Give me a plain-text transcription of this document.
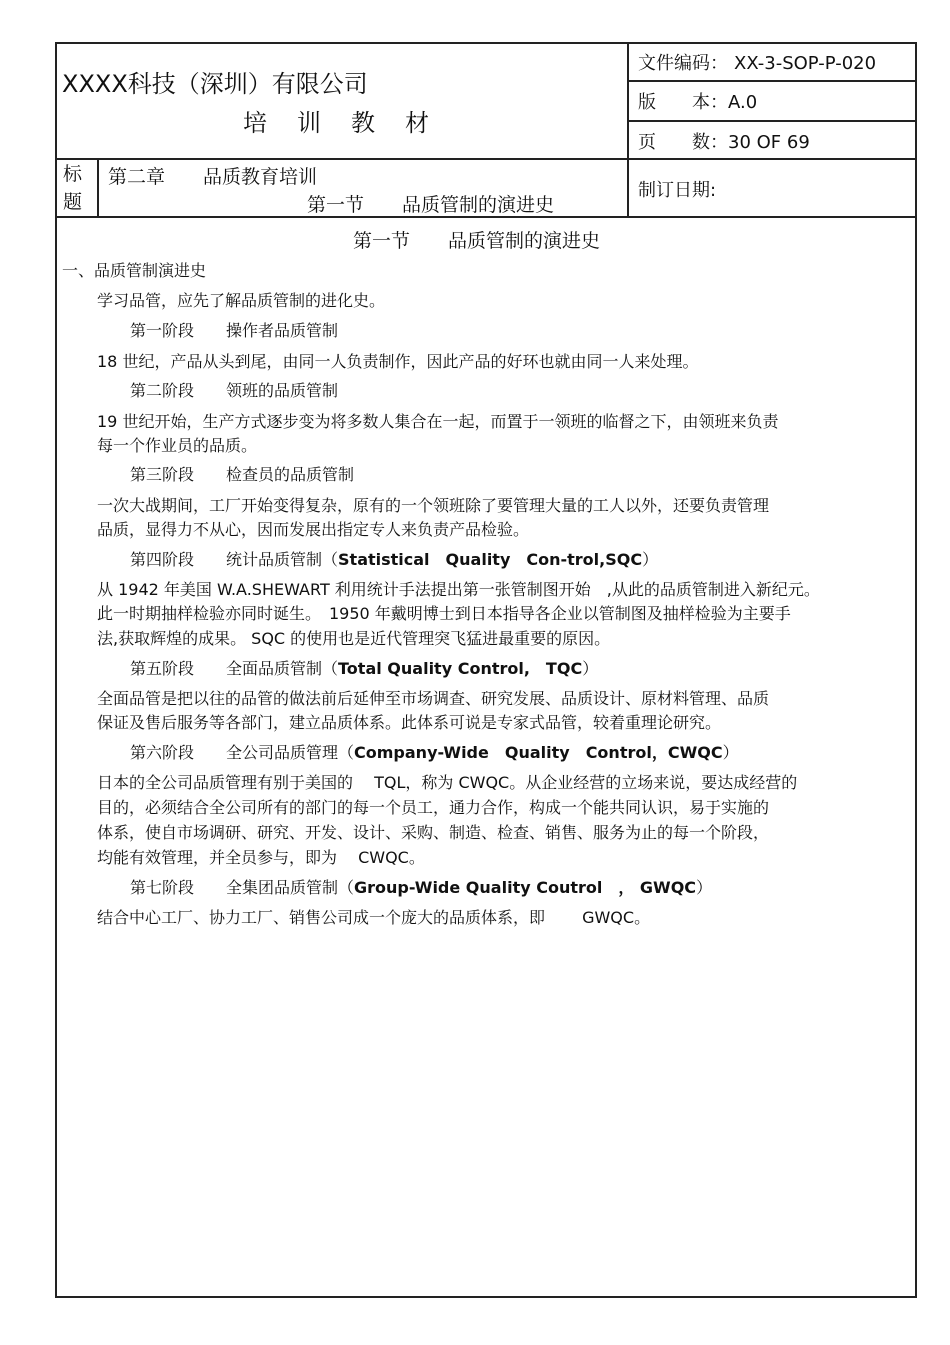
XXXX科技（深圳）有限公司
培训教材
文件编码： XX-3-SOP-P-020
版　　本：A.0
页　　数：30 OF 69
标题
第二章　　品质教育培训
第一节　　品质管制的演进史
制订日期:
第一节　　品质管制的演进史
一、品质管制演进史
学习品管，应先了解品质管制的进化史。
第一阶段　　操作者品质管制
18 世纪，产品从头到尾，由同一人负责制作，因此产品的好环也就由同一人来处理。
第二阶段　　领班的品质管制
19 世纪开始，生产方式逐步变为将多数人集合在一起，而置于一领班的临督之下，由领班来负责
每一个作业员的品质。
第三阶段　　检查员的品质管制
一次大战期间，工厂开始变得复杂，原有的一个领班除了要管理大量的工人以外，还要负责管理
品质，显得力不从心，因而发展出指定专人来负责产品检验。
第四阶段　　统计品质管制（Statistical　Quality　Con-trol,SQC）
从 1942 年美国 W.A.SHEWART 利用统计手法提出第一张管制图开始　,从此的品质管制进入新纪元。
此一时期抽样检验亦同时诞生。　1950 年戴明博士到日本指导各企业以管制图及抽样检验为主要手
法,获取辉煌的成果。 SQC 的使用也是近代管理突飞猛进最重要的原因。
第五阶段　　全面品质管制（Total Quality Control,　TQC）
全面品管是把以往的品管的做法前后延伸至市场调查、研究发展、品质设计、原材料管理、品质
保证及售后服务等各部门，建立品质体系。此体系可说是专家式品管，较着重理论研究。
第六阶段　　全公司品质管理（Company-Wide　Quality　Control，CWQC）
日本的全公司品质管理有别于美国的　 TQL，称为 CWQC。从企业经营的立场来说，要达成经营的
目的，必须结合全公司所有的部门的每一个员工，通力合作，构成一个能共同认识，易于实施的
体系，使自市场调研、研究、开发、设计、采购、制造、检查、销售、服务为止的每一个阶段，
均能有效管理，并全员参与，即为　 CWQC。
第七阶段　　全集团品质管制（Group-Wide Quality Coutrol　， GWQC）
结合中心工厂、协力工厂、销售公司成一个庞大的品质体系，即　　 GWQC。
